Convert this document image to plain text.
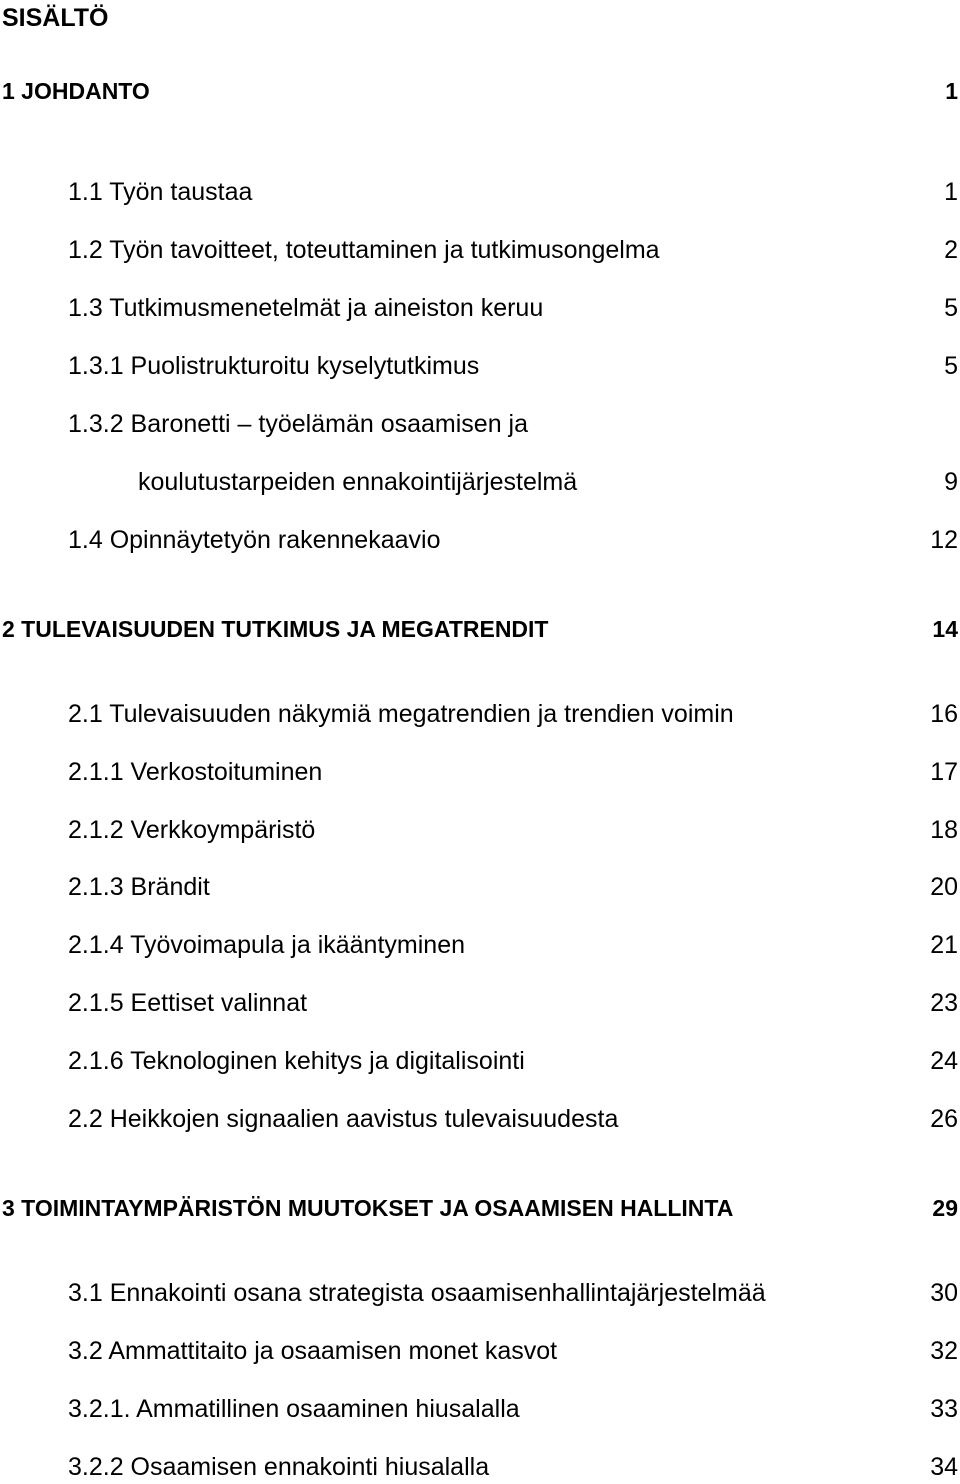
SISÄLTÖ
1 JOHDANTO	1
1.1 Työn taustaa	1
1.2 Työn tavoitteet, toteuttaminen ja tutkimusongelma	2
1.3 Tutkimusmenetelmät ja aineiston keruu	5
1.3.1 Puolistrukturoitu kyselytutkimus	5
1.3.2 Baronetti – työelämän osaamisen ja
koulutustarpeiden ennakointijärjestelmä	9
1.4 Opinnäytetyön rakennekaavio	12
2 TULEVAISUUDEN TUTKIMUS JA MEGATRENDIT	14
2.1 Tulevaisuuden näkymiä megatrendien ja trendien voimin	16
2.1.1 Verkostoituminen	17
2.1.2 Verkkoympäristö	18
2.1.3 Brändit	20
2.1.4 Työvoimapula ja ikääntyminen	21
2.1.5 Eettiset valinnat	23
2.1.6 Teknologinen kehitys ja digitalisointi	24
2.2 Heikkojen signaalien aavistus tulevaisuudesta	26
3 TOIMINTAYMPÄRISTÖN MUUTOKSET JA OSAAMISEN HALLINTA	29
3.1 Ennakointi osana strategista osaamisenhallintajärjestelmää	30
3.2 Ammattitaito ja osaamisen monet kasvot	32
3.2.1. Ammatillinen osaaminen hiusalalla	33
3.2.2 Osaamisen ennakointi hiusalalla	34
